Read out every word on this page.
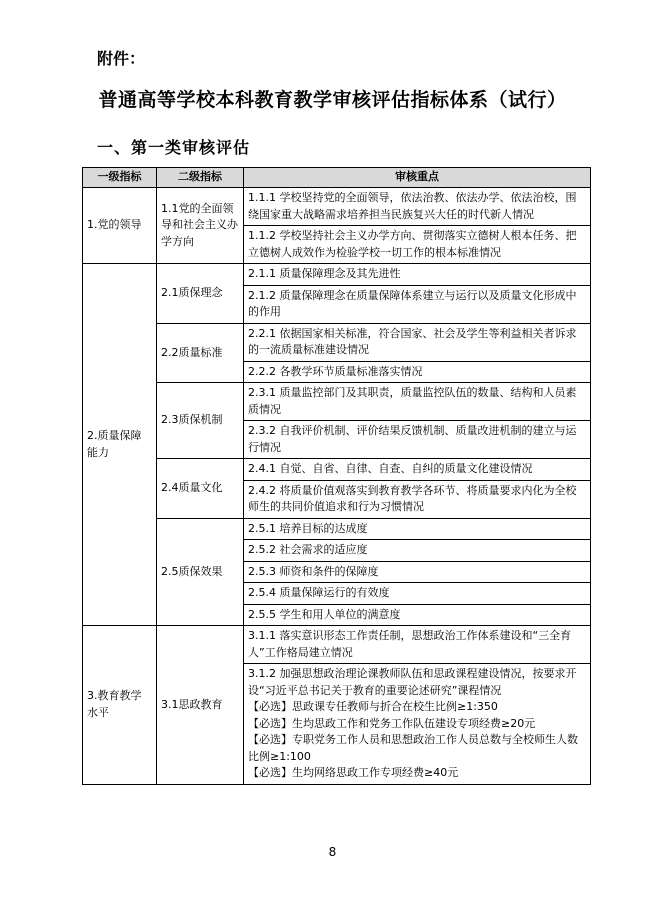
附件：
普通高等学校本科教育教学审核评估指标体系（试行）
一、第一类审核评估
一级指标	二级指标	审核重点
1.党的领导	1.1党的全面领导和社会主义办学方向	1.1.1 学校坚持党的全面领导，依法治教、依法办学、依法治校，围绕国家重大战略需求培养担当民族复兴大任的时代新人情况
		1.1.2 学校坚持社会主义办学方向、贯彻落实立德树人根本任务、把立德树人成效作为检验学校一切工作的根本标准情况
2.质量保障能力	2.1质保理念	2.1.1 质量保障理念及其先进性
		2.1.2 质量保障理念在质量保障体系建立与运行以及质量文化形成中的作用
	2.2质量标准	2.2.1 依据国家相关标准，符合国家、社会及学生等利益相关者诉求的一流质量标准建设情况
		2.2.2 各教学环节质量标准落实情况
	2.3质保机制	2.3.1 质量监控部门及其职责，质量监控队伍的数量、结构和人员素质情况
		2.3.2 自我评价机制、评价结果反馈机制、质量改进机制的建立与运行情况
	2.4质量文化	2.4.1 自觉、自省、自律、自查、自纠的质量文化建设情况
		2.4.2 将质量价值观落实到教育教学各环节、将质量要求内化为全校师生的共同价值追求和行为习惯情况
	2.5质保效果	2.5.1 培养目标的达成度
		2.5.2 社会需求的适应度
		2.5.3 师资和条件的保障度
		2.5.4 质量保障运行的有效度
		2.5.5 学生和用人单位的满意度
3.教育教学水平	3.1思政教育	3.1.1 落实意识形态工作责任制，思想政治工作体系建设和“三全育人”工作格局建立情况

		3.1.2 加强思想政治理论课教师队伍和思政课程建设情况，按要求开设“习近平总书记关于教育的重要论述研究”课程情况
【必选】思政课专任教师与折合在校生比例≥1:350
【必选】生均思政工作和党务工作队伍建设专项经费≥20元
【必选】专职党务工作人员和思想政治工作人员总数与全校师生人数比例≥1:100
【必选】生均网络思政工作专项经费≥40元
8
